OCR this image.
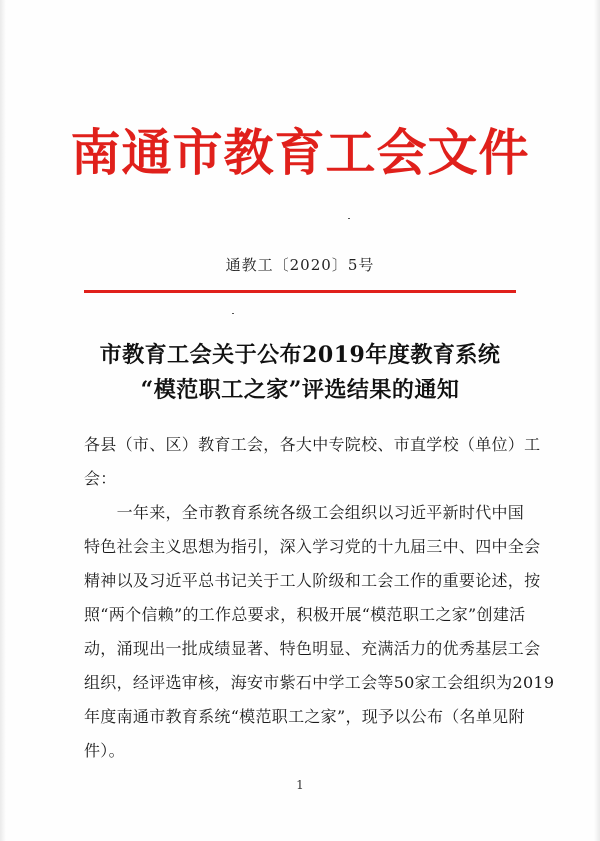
南通市教育工会文件
通教工〔2020〕5号
市教育工会关于公布2019年度教育系统
“模范职工之家”评选结果的通知
各县（市、区）教育工会，各大中专院校、市直学校（单位）工
会：
　　一年来，全市教育系统各级工会组织以习近平新时代中国
特色社会主义思想为指引，深入学习党的十九届三中、四中全会
精神以及习近平总书记关于工人阶级和工会工作的重要论述，按
照“两个信赖”的工作总要求，积极开展“模范职工之家”创建活
动，涌现出一批成绩显著、特色明显、充满活力的优秀基层工会
组织，经评选审核，海安市紫石中学工会等50家工会组织为2019
年度南通市教育系统“模范职工之家”，现予以公布（名单见附
件）。
1
